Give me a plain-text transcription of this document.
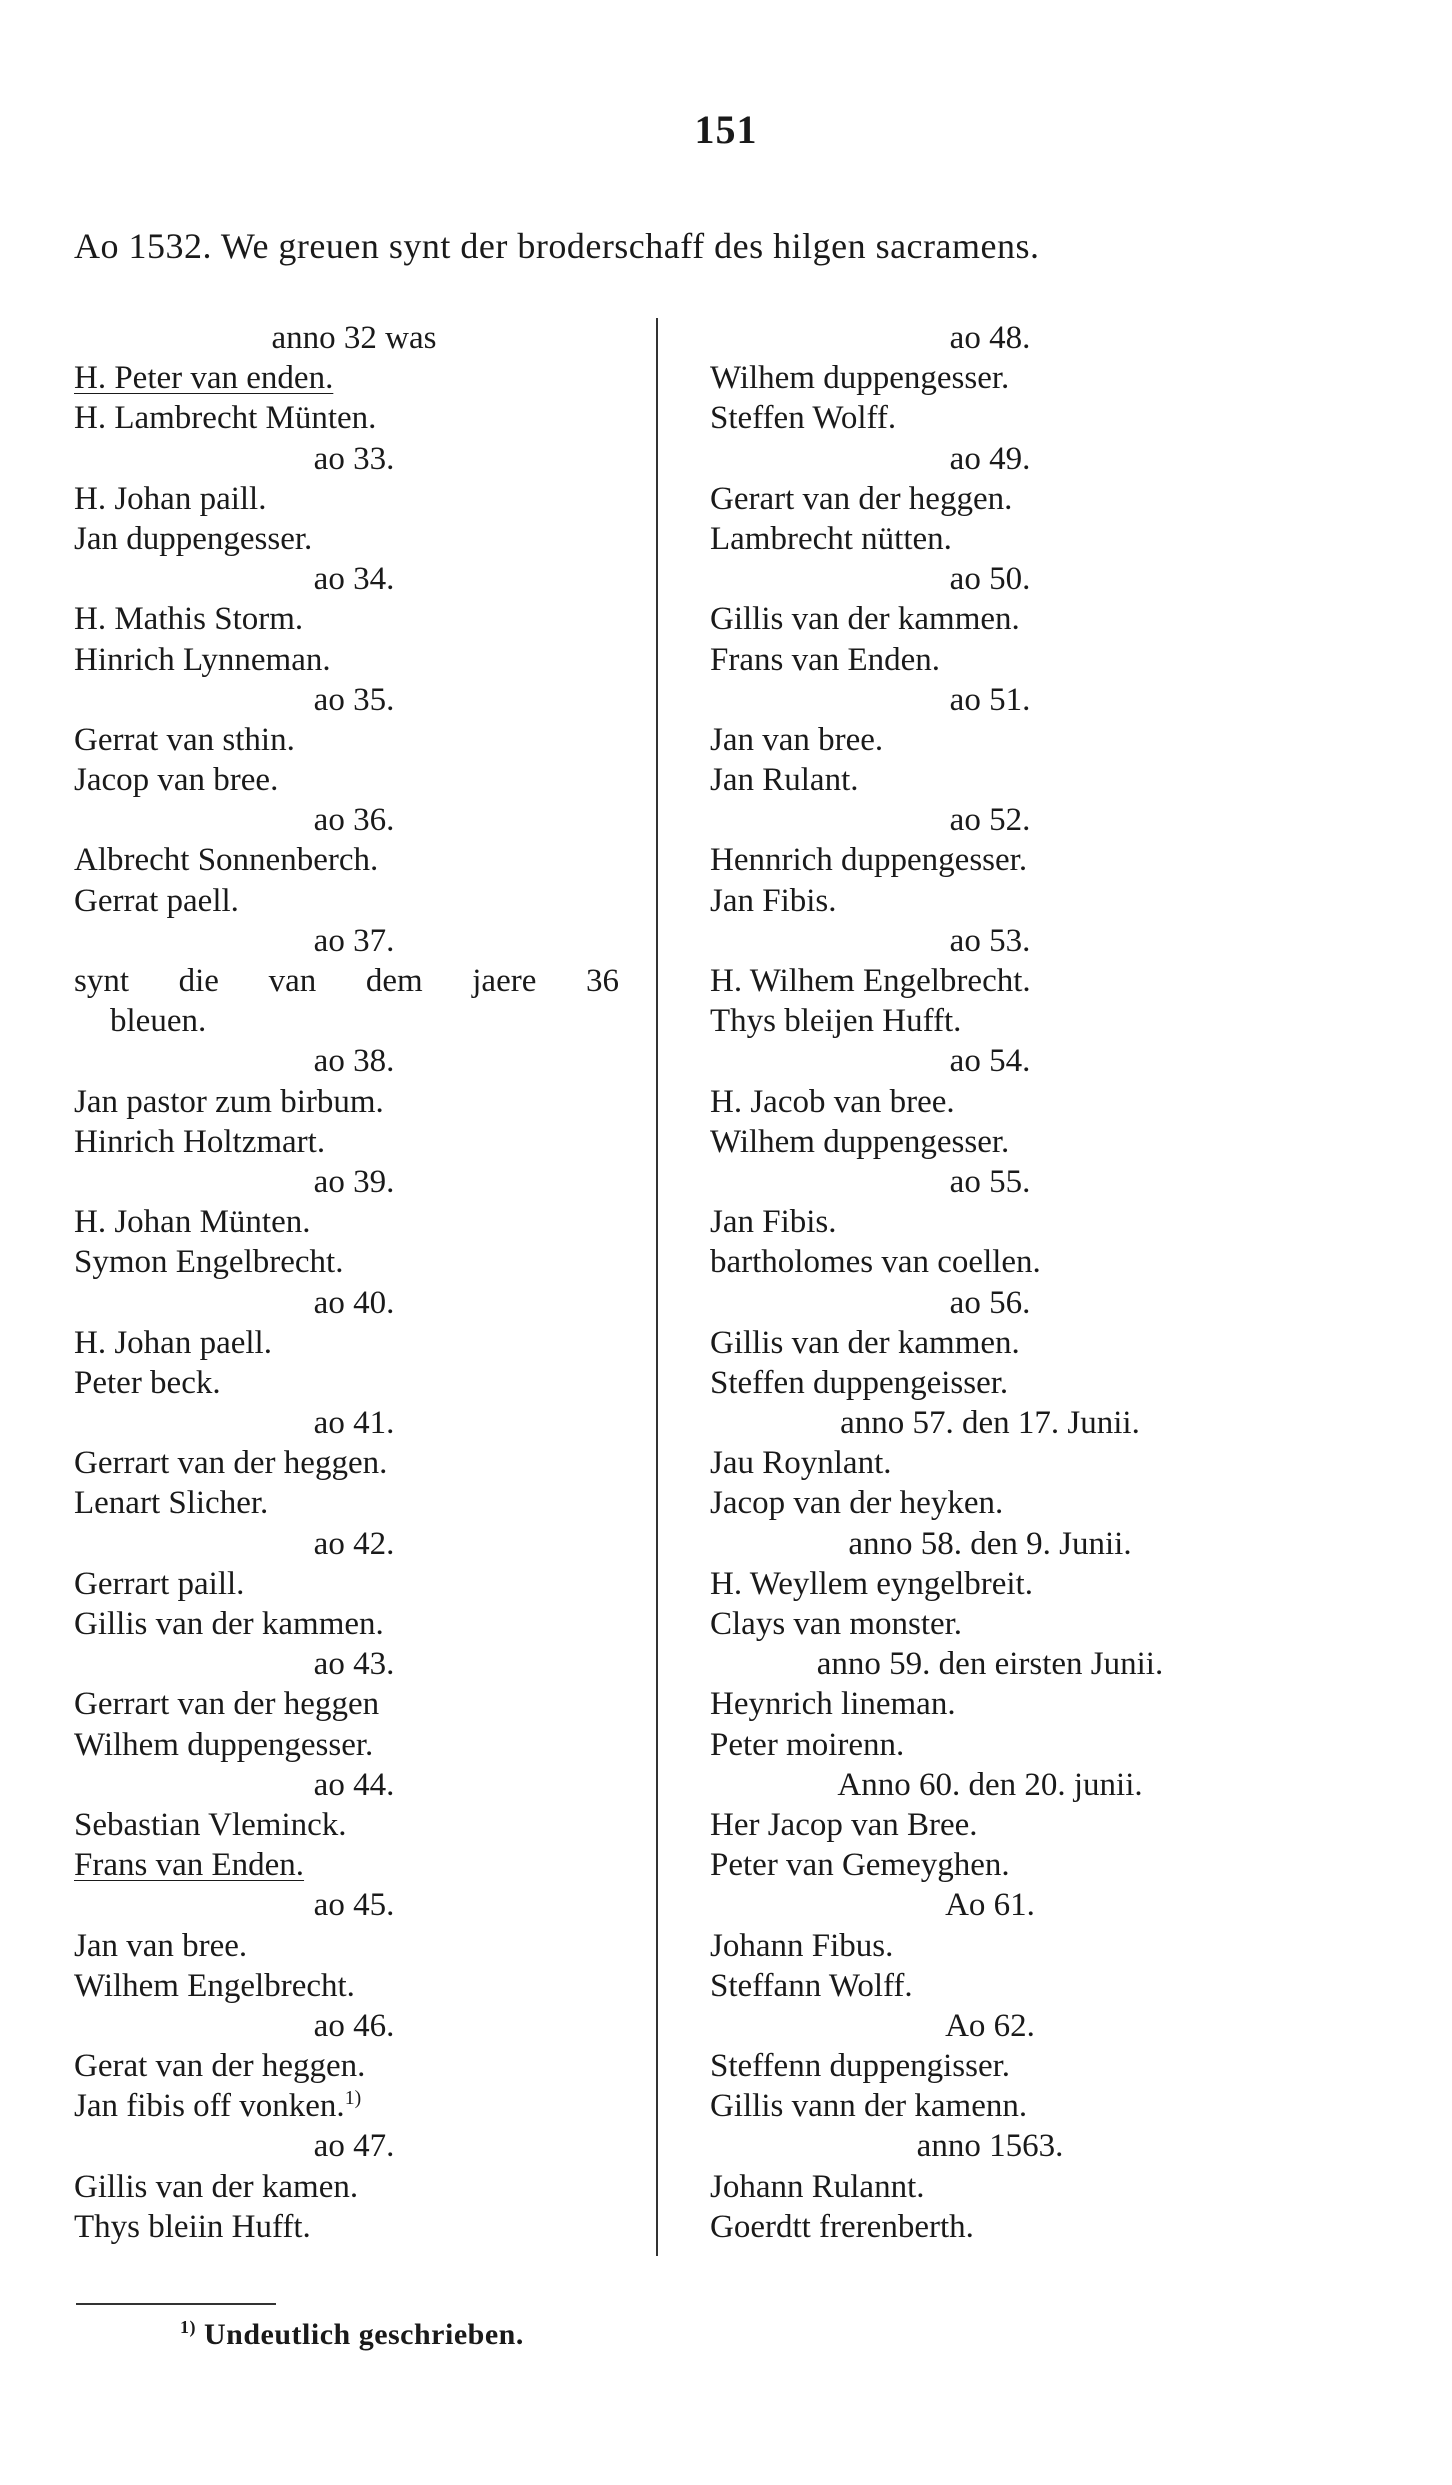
151
Ao 1532. We greuen synt der broderschaff des hilgen sacramens.
anno 32 was
H. Peter van enden.
H. Lambrecht Münten.
ao 33.
H. Johan paill.
Jan duppengesser.
ao 34.
H. Mathis Storm.
Hinrich Lynneman.
ao 35.
Gerrat van sthin.
Jacop van bree.
ao 36.
Albrecht Sonnenberch.
Gerrat paell.
ao 37.
synt die van dem jaere 36
bleuen.
ao 38.
Jan pastor zum birbum.
Hinrich Holtzmart.
ao 39.
H. Johan Münten.
Symon Engelbrecht.
ao 40.
H. Johan paell.
Peter beck.
ao 41.
Gerrart van der heggen.
Lenart Slicher.
ao 42.
Gerrart paill.
Gillis van der kammen.
ao 43.
Gerrart van der heggen
Wilhem duppengesser.
ao 44.
Sebastian Vleminck.
Frans van Enden.
ao 45.
Jan van bree.
Wilhem Engelbrecht.
ao 46.
Gerat van der heggen.
Jan fibis off vonken.$^{1)}$
ao 47.
Gillis van der kamen.
Thys bleiin Hufft.
ao 48.
Wilhem duppengesser.
Steffen Wolff.
ao 49.
Gerart van der heggen.
Lambrecht nütten.
ao 50.
Gillis van der kammen.
Frans van Enden.
ao 51.
Jan van bree.
Jan Rulant.
ao 52.
Hennrich duppengesser.
Jan Fibis.
ao 53.
H. Wilhem Engelbrecht.
Thys bleijen Hufft.
ao 54.
H. Jacob van bree.
Wilhem duppengesser.
ao 55.
Jan Fibis.
bartholomes van coellen.
ao 56.
Gillis van der kammen.
Steffen duppengeisser.
anno 57. den 17. Junii.
Jau Roynlant.
Jacop van der heyken.
anno 58. den 9. Junii.
H. Weyllem eyngelbreit.
Clays van monster.
anno 59. den eirsten Junii.
Heynrich lineman.
Peter moirenn.
Anno 60. den 20. junii.
Her Jacop van Bree.
Peter van Gemeyghen.
Ao 61.
Johann Fibus.
Steffann Wolff.
Ao 62.
Steffenn duppengisser.
Gillis vann der kamenn.
anno 1563.
Johann Rulannt.
Goerdtt frerenberth.
$^{1)}$ Undeutlich geschrieben.
